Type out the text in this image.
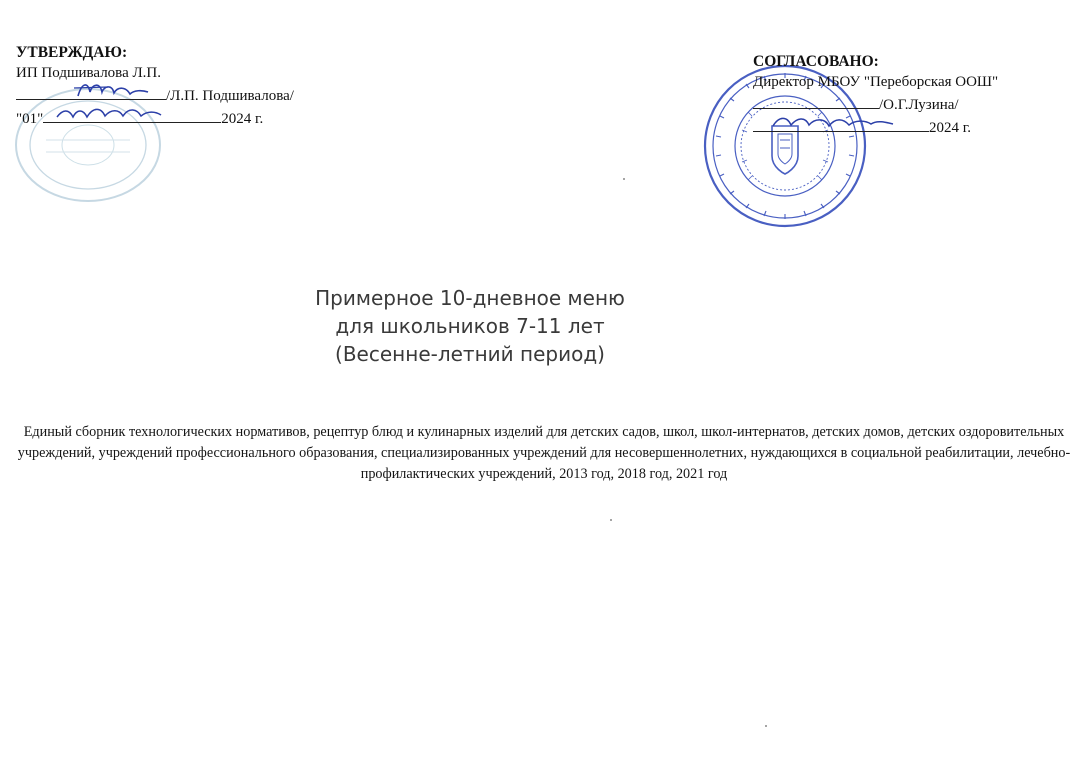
УТВЕРЖДАЮ:
ИП Подшивалова Л.П.
/Л.П. Подшивалова/
"01"	2024 г.
СОГЛАСОВАНО:
Директор МБОУ "Переборская ООШ"
/О.Г.Лузина/
2024 г.
Примерное 10-дневное меню
для школьников 7-11 лет
(Весенне-летний период)
Единый сборник технологических нормативов, рецептур блюд и кулинарных изделий для детских садов, школ, школ-интернатов, детских домов, детских оздоровительных учреждений, учреждений профессионального образования, специализированных учреждений для несовершеннолетних, нуждающихся в социальной реабилитации, лечебно-профилактических учреждений, 2013 год, 2018 год, 2021 год
